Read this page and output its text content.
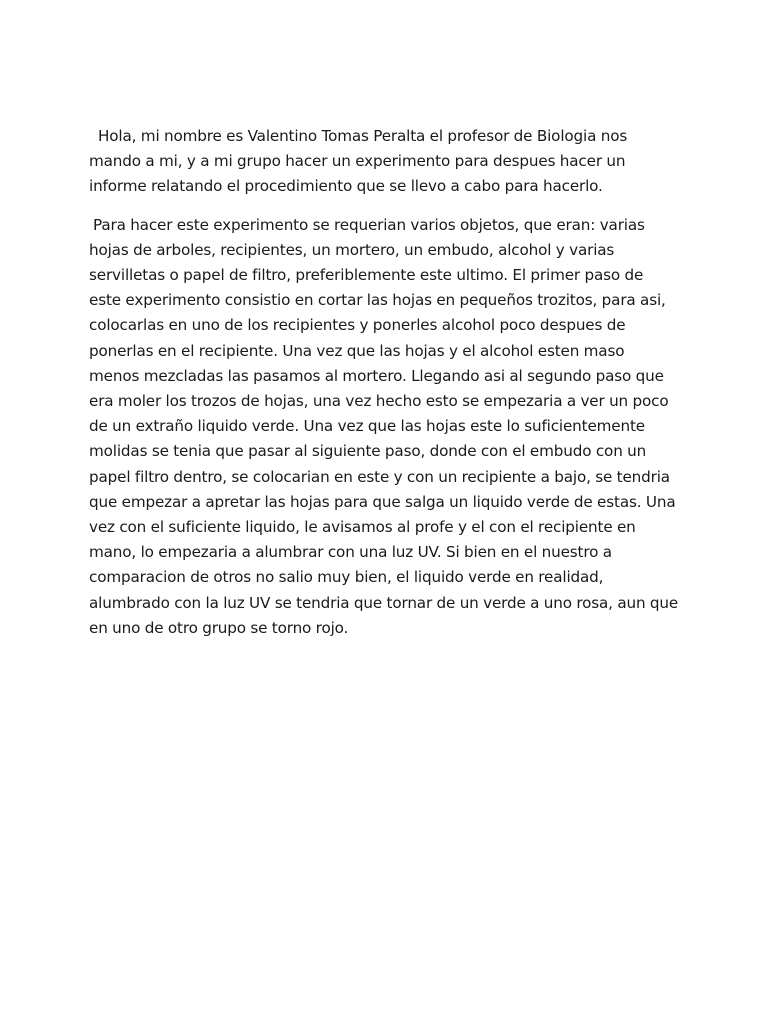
Hola, mi nombre es Valentino Tomas Peralta el profesor de Biologia nos mando a mi, y a mi grupo hacer un experimento para despues hacer un informe relatando el procedimiento que se llevo a cabo para hacerlo.

Para hacer este experimento se requerian varios objetos, que eran: varias hojas de arboles, recipientes, un mortero, un embudo, alcohol y varias servilletas o papel de filtro, preferiblemente este ultimo. El primer paso de este experimento consistio en cortar las hojas en pequeños trozitos, para asi, colocarlas en uno de los recipientes y ponerles alcohol poco despues de ponerlas en el recipiente. Una vez que las hojas y el alcohol esten maso menos mezcladas las pasamos al mortero. Llegando asi al segundo paso que era moler los trozos de hojas, una vez hecho esto se empezaria a ver un poco de un extraño liquido verde. Una vez que las hojas este lo suficientemente molidas se tenia que pasar al siguiente paso, donde con el embudo con un papel filtro dentro, se colocarian en este y con un recipiente a bajo, se tendria que empezar a apretar las hojas para que salga un liquido verde de estas. Una vez con el suficiente liquido, le avisamos al profe y el con el recipiente en mano, lo empezaria a alumbrar con una luz UV. Si bien en el nuestro a comparacion de otros no salio muy bien, el liquido verde en realidad, alumbrado con la luz UV se tendria que tornar de un verde a uno rosa, aun que en uno de otro grupo se torno rojo.
